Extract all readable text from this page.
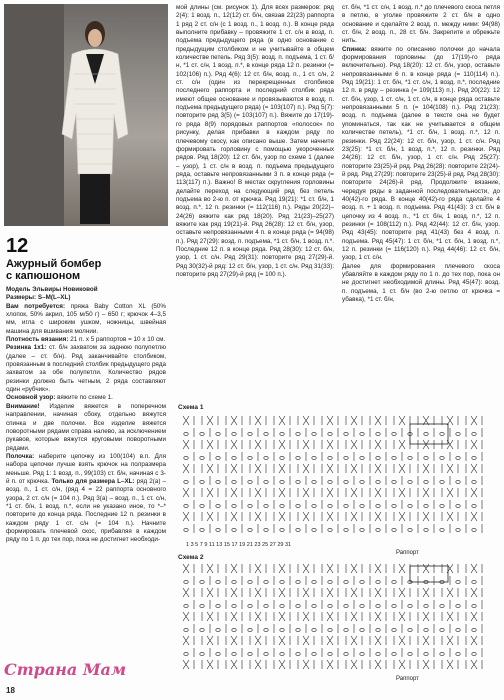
12
Ажурный бомбер
с капюшоном

Модель Эльвиры Новиковой

Размеры: S–M(L–XL)

Вам потребуется: пряжа Baby Cotton XL (50% хлопок, 50% акрил, 105 м/50 г) – 650 г; крючок 4–3,5 мм, игла с широким ушком, ножницы, швейная машина для вшивания молнии.

Плотность вязания: 21 п. х 5 раппортов = 10 х 10 см.

Резинка 1х1: ст. б/н захватом за заднюю полупетлю (далее – ст. б/н). Ряд заканчивайте столбиком, провязанным в последний столбик предыдущего ряда захватом за обе полупетли. Количество рядов резинки должно быть четным, 2 ряда составляют один «рубчик».

Основной узор: вяжите по схеме 1.

Внимание! Изделие вяжется в поперечном направлении, начиная сбоку, отдельно вяжутся спинка и две полочки. Все изделие вяжется поворотными рядами справа налево, за исключением рукавов, которые вяжутся круговыми поворотными рядами.

Полочка: наберите цепочку из 100(104) в.п. Для набора цепочки лучше взять крючок на полразмера меньше. Ряд 1: 1 возд. п., 99(103) ст. б/н, начиная с 3-й п. от крючка. Только для размера L–XL: ряд 2(а) – возд. п., 1 ст. с/н, (ряд 4 = 22 раппорта основного узора, 2 ст. с/н (= 104 п.). Ряд 3(а) – возд. п., 1 ст. с/н, *1 ст. б/н, 1 возд. п.*, если не указано иное, то *–* повторите до конца ряда. Последние 12 п. резинки в каждом ряду 1 ст. с/н (= 104 п.). Начните формировать плечевой скос, прибавляя в каждом ряду по 1 п. до тех пор, пока не достигнет необходи-

мой длины (см. рисунок 1). Для всех размеров: ряд 2(4): 1 возд. п., 12(12) ст. б/н, связав 22(23) раппорта 1 ряд 2 ст. с/н (с 1 возд. п., 1 возд. п.). В конце ряда выполните прибавку – провяжите 1 ст. с/н в возд. п. подъема предыдущего ряда (в одно основание с предыдущим столбиком и не учитывайте в общем количестве петель. Ряд 3(5): возд. п. подъема, 1 ст. б/н, *1 ст. с/н, 1 возд. п.*, в конце ряда 12 п. резинки (= 102(106) п.). Ряд 4(6): 12 ст. б/н, возд. п., 1 ст. с/н, 2 ст. с/н (один из перекрещенных столбиков последнего раппорта и последний столбик ряда имеют общее основание и провязываются в возд. п. подъема предыдущего ряда) (= 103(107) п.). Ряд 5(7): повторите ряд 3(5) (= 103(107) п.). Вяжите до 17(19)-го ряда 8(9) порядовых раппортов «полосок» по рисунку, делая прибавки в каждом ряду по плечевому скосу, как описано выше. Затем начните формировать горловину с помощью укороченных рядов. Ряд 18(20): 12 ст. б/н, узор по схеме 1 (далее – узор), 1 ст. с/н в возд. п. подъема предыдущего ряда, оставьте непровязанными 3 п. в конце ряда (= 113(117) п.). Важно! В местах скругления горловины делайте переход на следующий ряд без петель подъема во 2-ю п. от крючка. Ряд 19(21): *1 ст. б/н, 1 возд. п.*, 12 п. резинки (= 112(116) п.). Ряды 20(22)–24(26) вяжите как ряд 18(20). Ряд 21(23)–25(27) вяжите как ряд 19(21)-й. Ряд 26(28): 12 ст. б/н, узор, оставьте непровязанными 4 п. в конце ряда (= 94(98) п.). Ряд 27(29): возд. п. подъема, *1 ст. б/н, 1 возд. п.*. Последние 12 п. в конце ряда. Ряд 28(30): 12 ст. б/н, узор, 1 ст. с/н. Ряд 29(31): повторите ряд 27(29)-й. Ряд 30(32)-й ряд: 12 ст. б/н, узор, 1 ст. с/н. Ряд 31(33): повторите ряд 27(29)-й ряд (= 100 п.).

ст. б/н, *1 ст. с/н, 1 возд. п.* до плечевого скоса петля в петлю, в уголке провяжите 2 ст. б/н в одно основание и сделайте 2 возд. п. между ними: 94(98) ст. б/н, 2 возд. п., 28 ст. б/н. Закрепите и обрежьте нить.

Спинка: вяжите по описанию полочки до начала формирования горловины (до 17(19)-го ряда включительно). Ряд 18(20): 12 ст. б/н, узор, оставьте непровязанными 6 п. в конце ряда (= 110(114) п.). Ряд 19(21): 1 ст. б/н, *1 ст. с/н, 1 возд. п.*, последние 12 п. в ряду – резинка (= 109(113) п.). Ряд 20(22): 12 ст. б/н, узор, 1 ст. с/н, 1 ст. с/н, в конце ряда оставьте непровязанными 5 п. (= 104(108) п.). Ряд 21(23): возд. п. подъема (далее в тексте она не будет упоминаться, так как не учитывается в общем количестве петель), *1 ст. б/н, 1 возд. п.*, 12 п. резинки. Ряд 22(24): 12 ст. б/н, узор, 1 ст. с/н. Ряд 23(25): *1 ст. б/н, 1 возд. п.*, 12 п. резинки. Ряд 24(26): 12 ст. б/н, узор, 1 ст. с/н. Ряд 25(27): повторите 23(25)-й ряд. Ряд 26(28): повторите 22(24)-й ряд. Ряд 27(29): повторите 23(25)-й ряд. Ряд 28(30): повторите 24(26)-й ряд. Продолжите вязание, чередуя ряды в заданной последовательности, до 40(42)-го ряда. В конце 40(42)-го ряда сделайте 4 возд. п. + 1 возд. п. подъема. Ряд 41(43): 3 ст. б/н в цепочку из 4 возд. п., *1 ст. б/н, 1 возд. п.*, 12 п. резинки (= 108(112) п.). Ряд 42(44): 12 ст. б/н, узор. Ряд 43(45): повторите ряд 41(43) без 4 возд. п. подъема. Ряд 45(47): 1 ст. б/н, *1 ст. б/н, 1 возд. п.*, 12 п. резинки (= 116(120) п.). Ряд 44(46): 12 ст. б/н, узор, 1 ст. с/н.

Далее для формирования плечевого скоса убавляйте в каждом ряду по 1 п. до тех пор, пока он не достигнет необходимой длины. Ряд 45(47): возд. п. подъема, 1 ст. б/н (во 2-ю петлю от крючка = убавка), *1 ст. б/н,

Схема 1
1 3 5 7 9 11 13 15 17 19 21 23 25 27 29 31
Раппорт
Схема 2
Раппорт
Страна Мам
18
